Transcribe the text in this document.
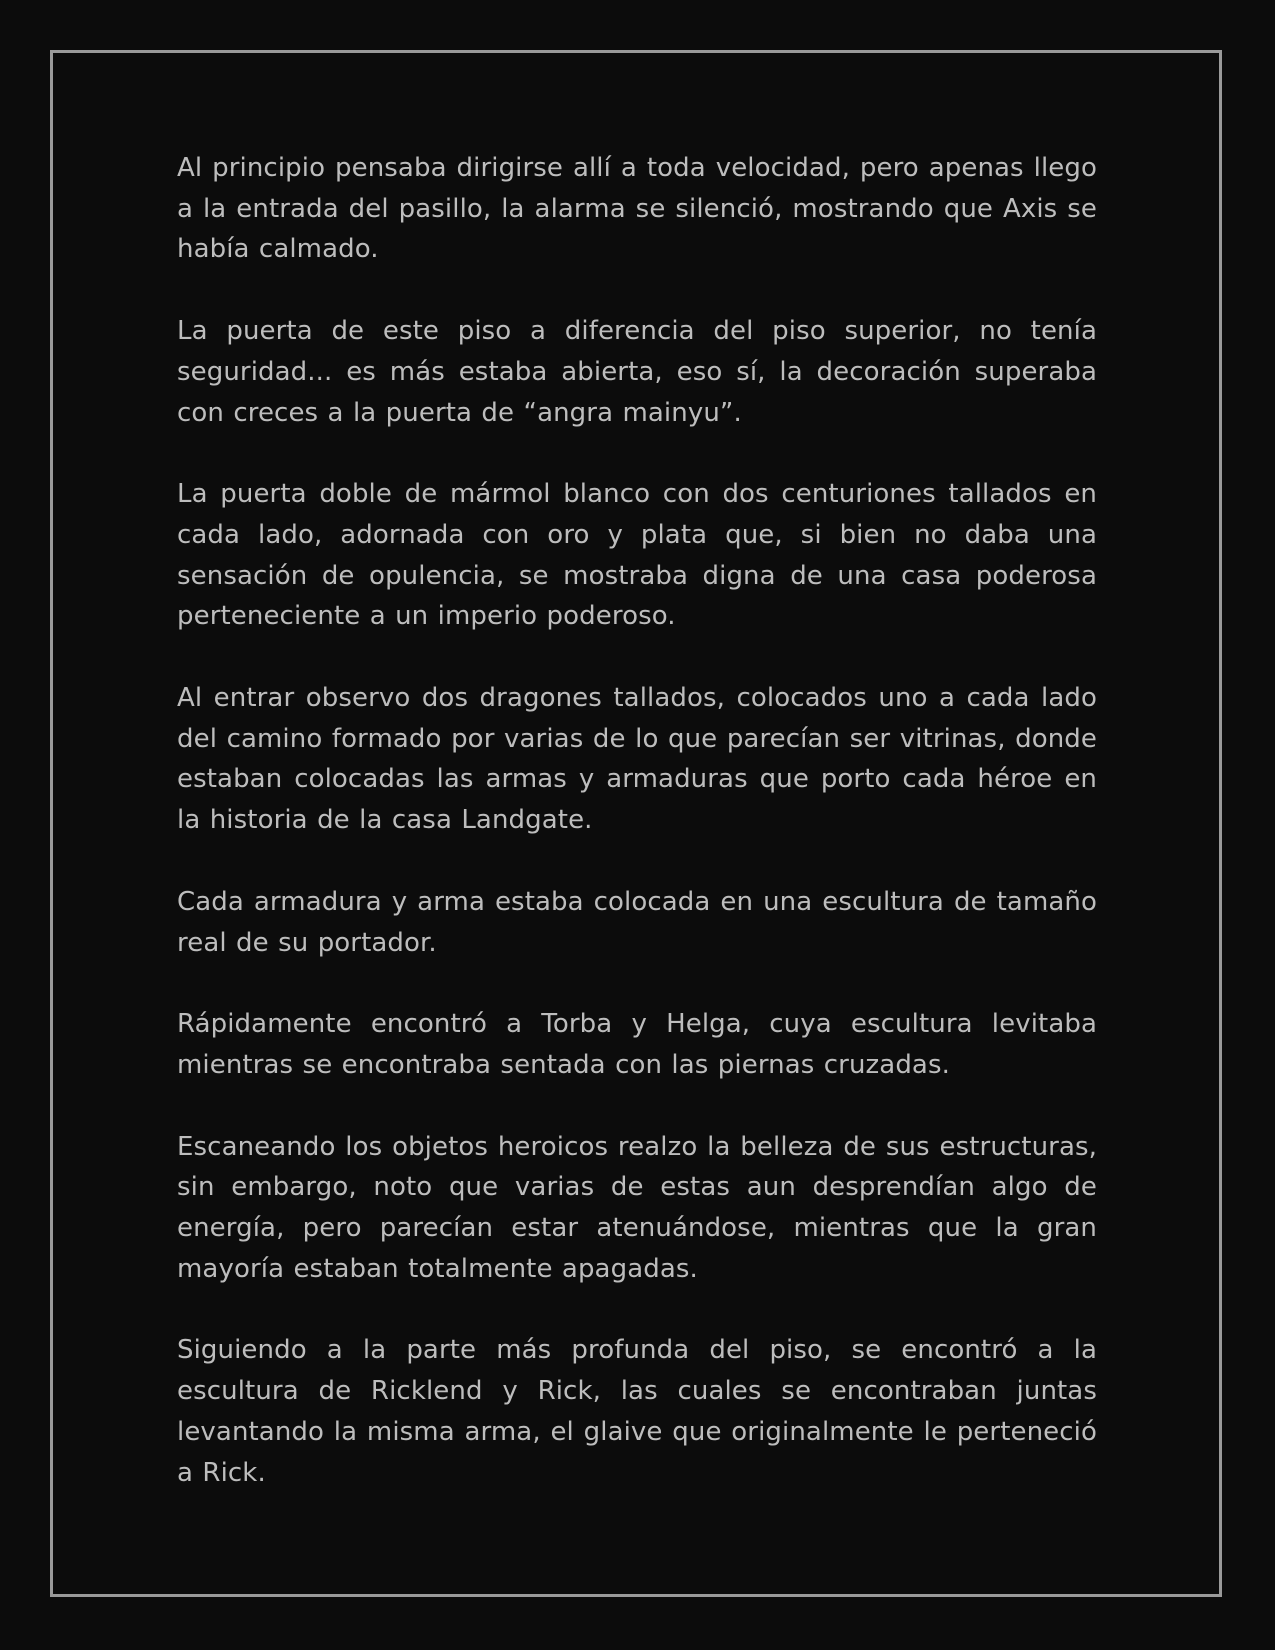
Al principio pensaba dirigirse allí a toda velocidad, pero apenas llego a la entrada del pasillo, la alarma se silenció, mostrando que Axis se había calmado.

La puerta de este piso a diferencia del piso superior, no tenía seguridad... es más estaba abierta, eso sí, la decoración superaba con creces a la puerta de “angra mainyu”.

La puerta doble de mármol blanco con dos centuriones tallados en cada lado, adornada con oro y plata que, si bien no daba una sensación de opulencia, se mostraba digna de una casa poderosa perteneciente a un imperio poderoso.

Al entrar observo dos dragones tallados, colocados uno a cada lado del camino formado por varias de lo que parecían ser vitrinas, donde estaban colocadas las armas y armaduras que porto cada héroe en la historia de la casa Landgate.

Cada armadura y arma estaba colocada en una escultura de tamaño real de su portador.

Rápidamente encontró a Torba y Helga, cuya escultura levitaba mientras se encontraba sentada con las piernas cruzadas.

Escaneando los objetos heroicos realzo la belleza de sus estructuras, sin embargo, noto que varias de estas aun desprendían algo de energía, pero parecían estar atenuándose, mientras que la gran mayoría estaban totalmente apagadas.

Siguiendo a la parte más profunda del piso, se encontró a la escultura de Ricklend y Rick, las cuales se encontraban juntas levantando la misma arma, el glaive que originalmente le perteneció a Rick.
